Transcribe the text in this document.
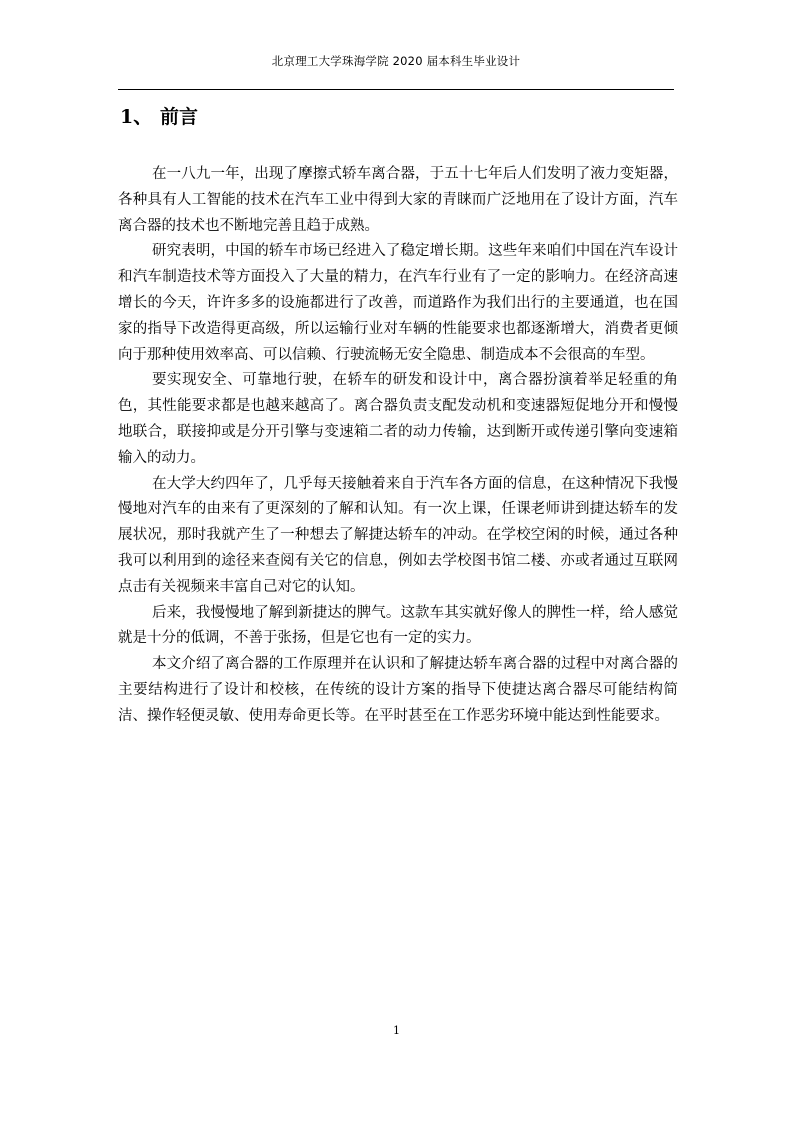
北京理工大学珠海学院 2020 届本科生毕业设计
1、 前言

在一八九一年，出现了摩擦式轿车离合器，于五十七年后人们发明了液力变矩器，各种具有人工智能的技术在汽车工业中得到大家的青睐而广泛地用在了设计方面，汽车离合器的技术也不断地完善且趋于成熟。

研究表明，中国的轿车市场已经进入了稳定增长期。这些年来咱们中国在汽车设计和汽车制造技术等方面投入了大量的精力，在汽车行业有了一定的影响力。在经济高速增长的今天，许许多多的设施都进行了改善，而道路作为我们出行的主要通道，也在国家的指导下改造得更高级，所以运输行业对车辆的性能要求也都逐渐增大，消费者更倾向于那种使用效率高、可以信赖、行驶流畅无安全隐患、制造成本不会很高的车型。

要实现安全、可靠地行驶，在轿车的研发和设计中，离合器扮演着举足轻重的角色，其性能要求都是也越来越高了。离合器负责支配发动机和变速器短促地分开和慢慢地联合，联接抑或是分开引擎与变速箱二者的动力传输，达到断开或传递引擎向变速箱输入的动力。

在大学大约四年了，几乎每天接触着来自于汽车各方面的信息，在这种情况下我慢慢地对汽车的由来有了更深刻的了解和认知。有一次上课，任课老师讲到捷达轿车的发展状况，那时我就产生了一种想去了解捷达轿车的冲动。在学校空闲的时候，通过各种我可以利用到的途径来查阅有关它的信息，例如去学校图书馆二楼、亦或者通过互联网点击有关视频来丰富自己对它的认知。

后来，我慢慢地了解到新捷达的脾气。这款车其实就好像人的脾性一样，给人感觉就是十分的低调，不善于张扬，但是它也有一定的实力。

本文介绍了离合器的工作原理并在认识和了解捷达轿车离合器的过程中对离合器的主要结构进行了设计和校核，在传统的设计方案的指导下使捷达离合器尽可能结构简洁、操作轻便灵敏、使用寿命更长等。在平时甚至在工作恶劣环境中能达到性能要求。

1
